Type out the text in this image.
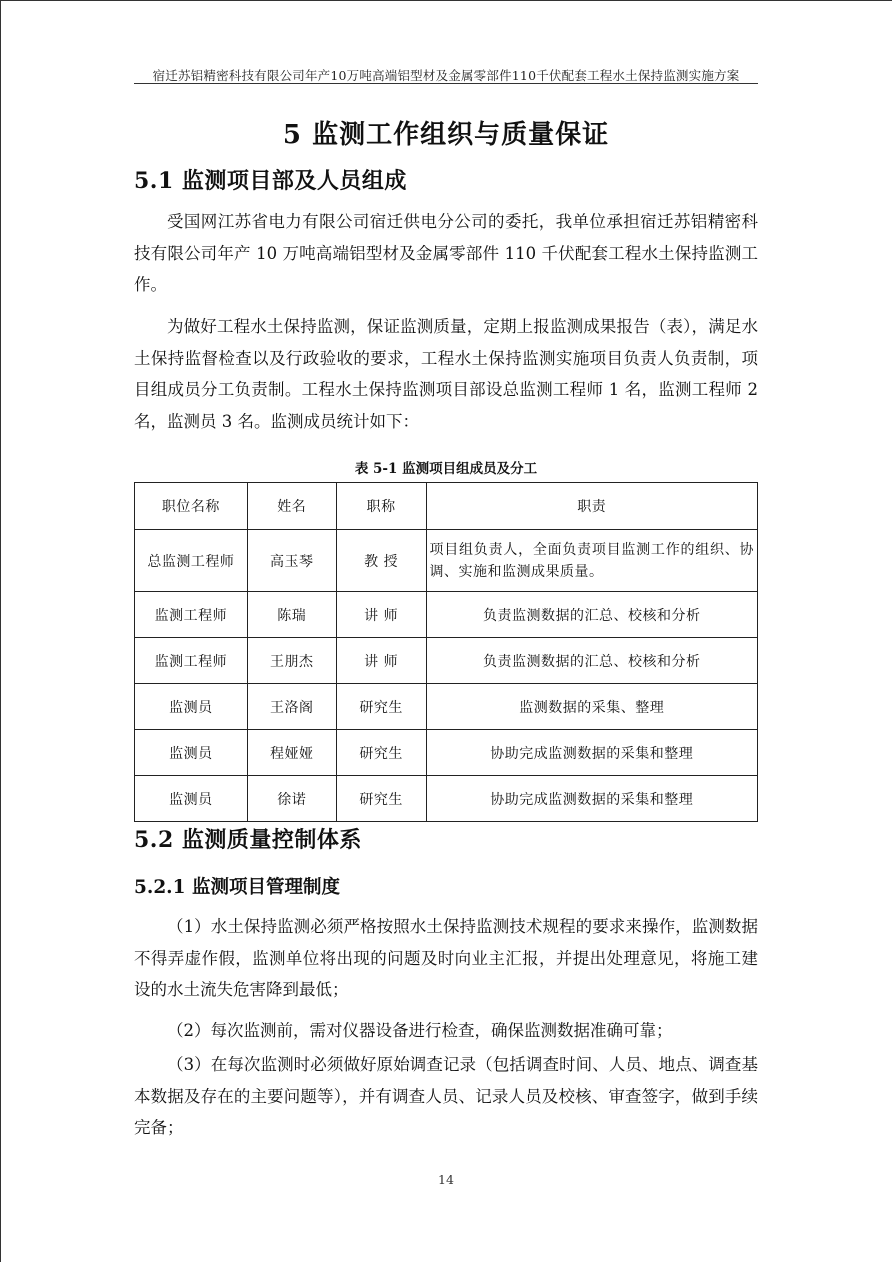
宿迁苏铝精密科技有限公司年产10万吨高端铝型材及金属零部件110千伏配套工程水土保持监测实施方案
5 监测工作组织与质量保证
5.1 监测项目部及人员组成

受国网江苏省电力有限公司宿迁供电分公司的委托，我单位承担宿迁苏铝精密科技有限公司年产 10 万吨高端铝型材及金属零部件 110 千伏配套工程水土保持监测工作。

为做好工程水土保持监测，保证监测质量，定期上报监测成果报告（表），满足水土保持监督检查以及行政验收的要求，工程水土保持监测实施项目负责人负责制，项目组成员分工负责制。工程水土保持监测项目部设总监测工程师 1 名，监测工程师 2 名，监测员 3 名。监测成员统计如下：

表 5-1 监测项目组成员及分工
职位名称	姓名	职称	职责
总监测工程师	高玉琴	教 授	项目组负责人，全面负责项目监测工作的组织、协调、实施和监测成果质量。
监测工程师	陈瑞	讲 师	负责监测数据的汇总、校核和分析
监测工程师	王朋杰	讲 师	负责监测数据的汇总、校核和分析
监测员	王洛阁	研究生	监测数据的采集、整理
监测员	程娅娅	研究生	协助完成监测数据的采集和整理
监测员	徐诺	研究生	协助完成监测数据的采集和整理
5.2 监测质量控制体系
5.2.1 监测项目管理制度

（1）水土保持监测必须严格按照水土保持监测技术规程的要求来操作，监测数据不得弄虚作假，监测单位将出现的问题及时向业主汇报，并提出处理意见，将施工建设的水土流失危害降到最低；

（2）每次监测前，需对仪器设备进行检查，确保监测数据准确可靠；

（3）在每次监测时必须做好原始调查记录（包括调查时间、人员、地点、调查基本数据及存在的主要问题等），并有调查人员、记录人员及校核、审查签字，做到手续完备；

14
